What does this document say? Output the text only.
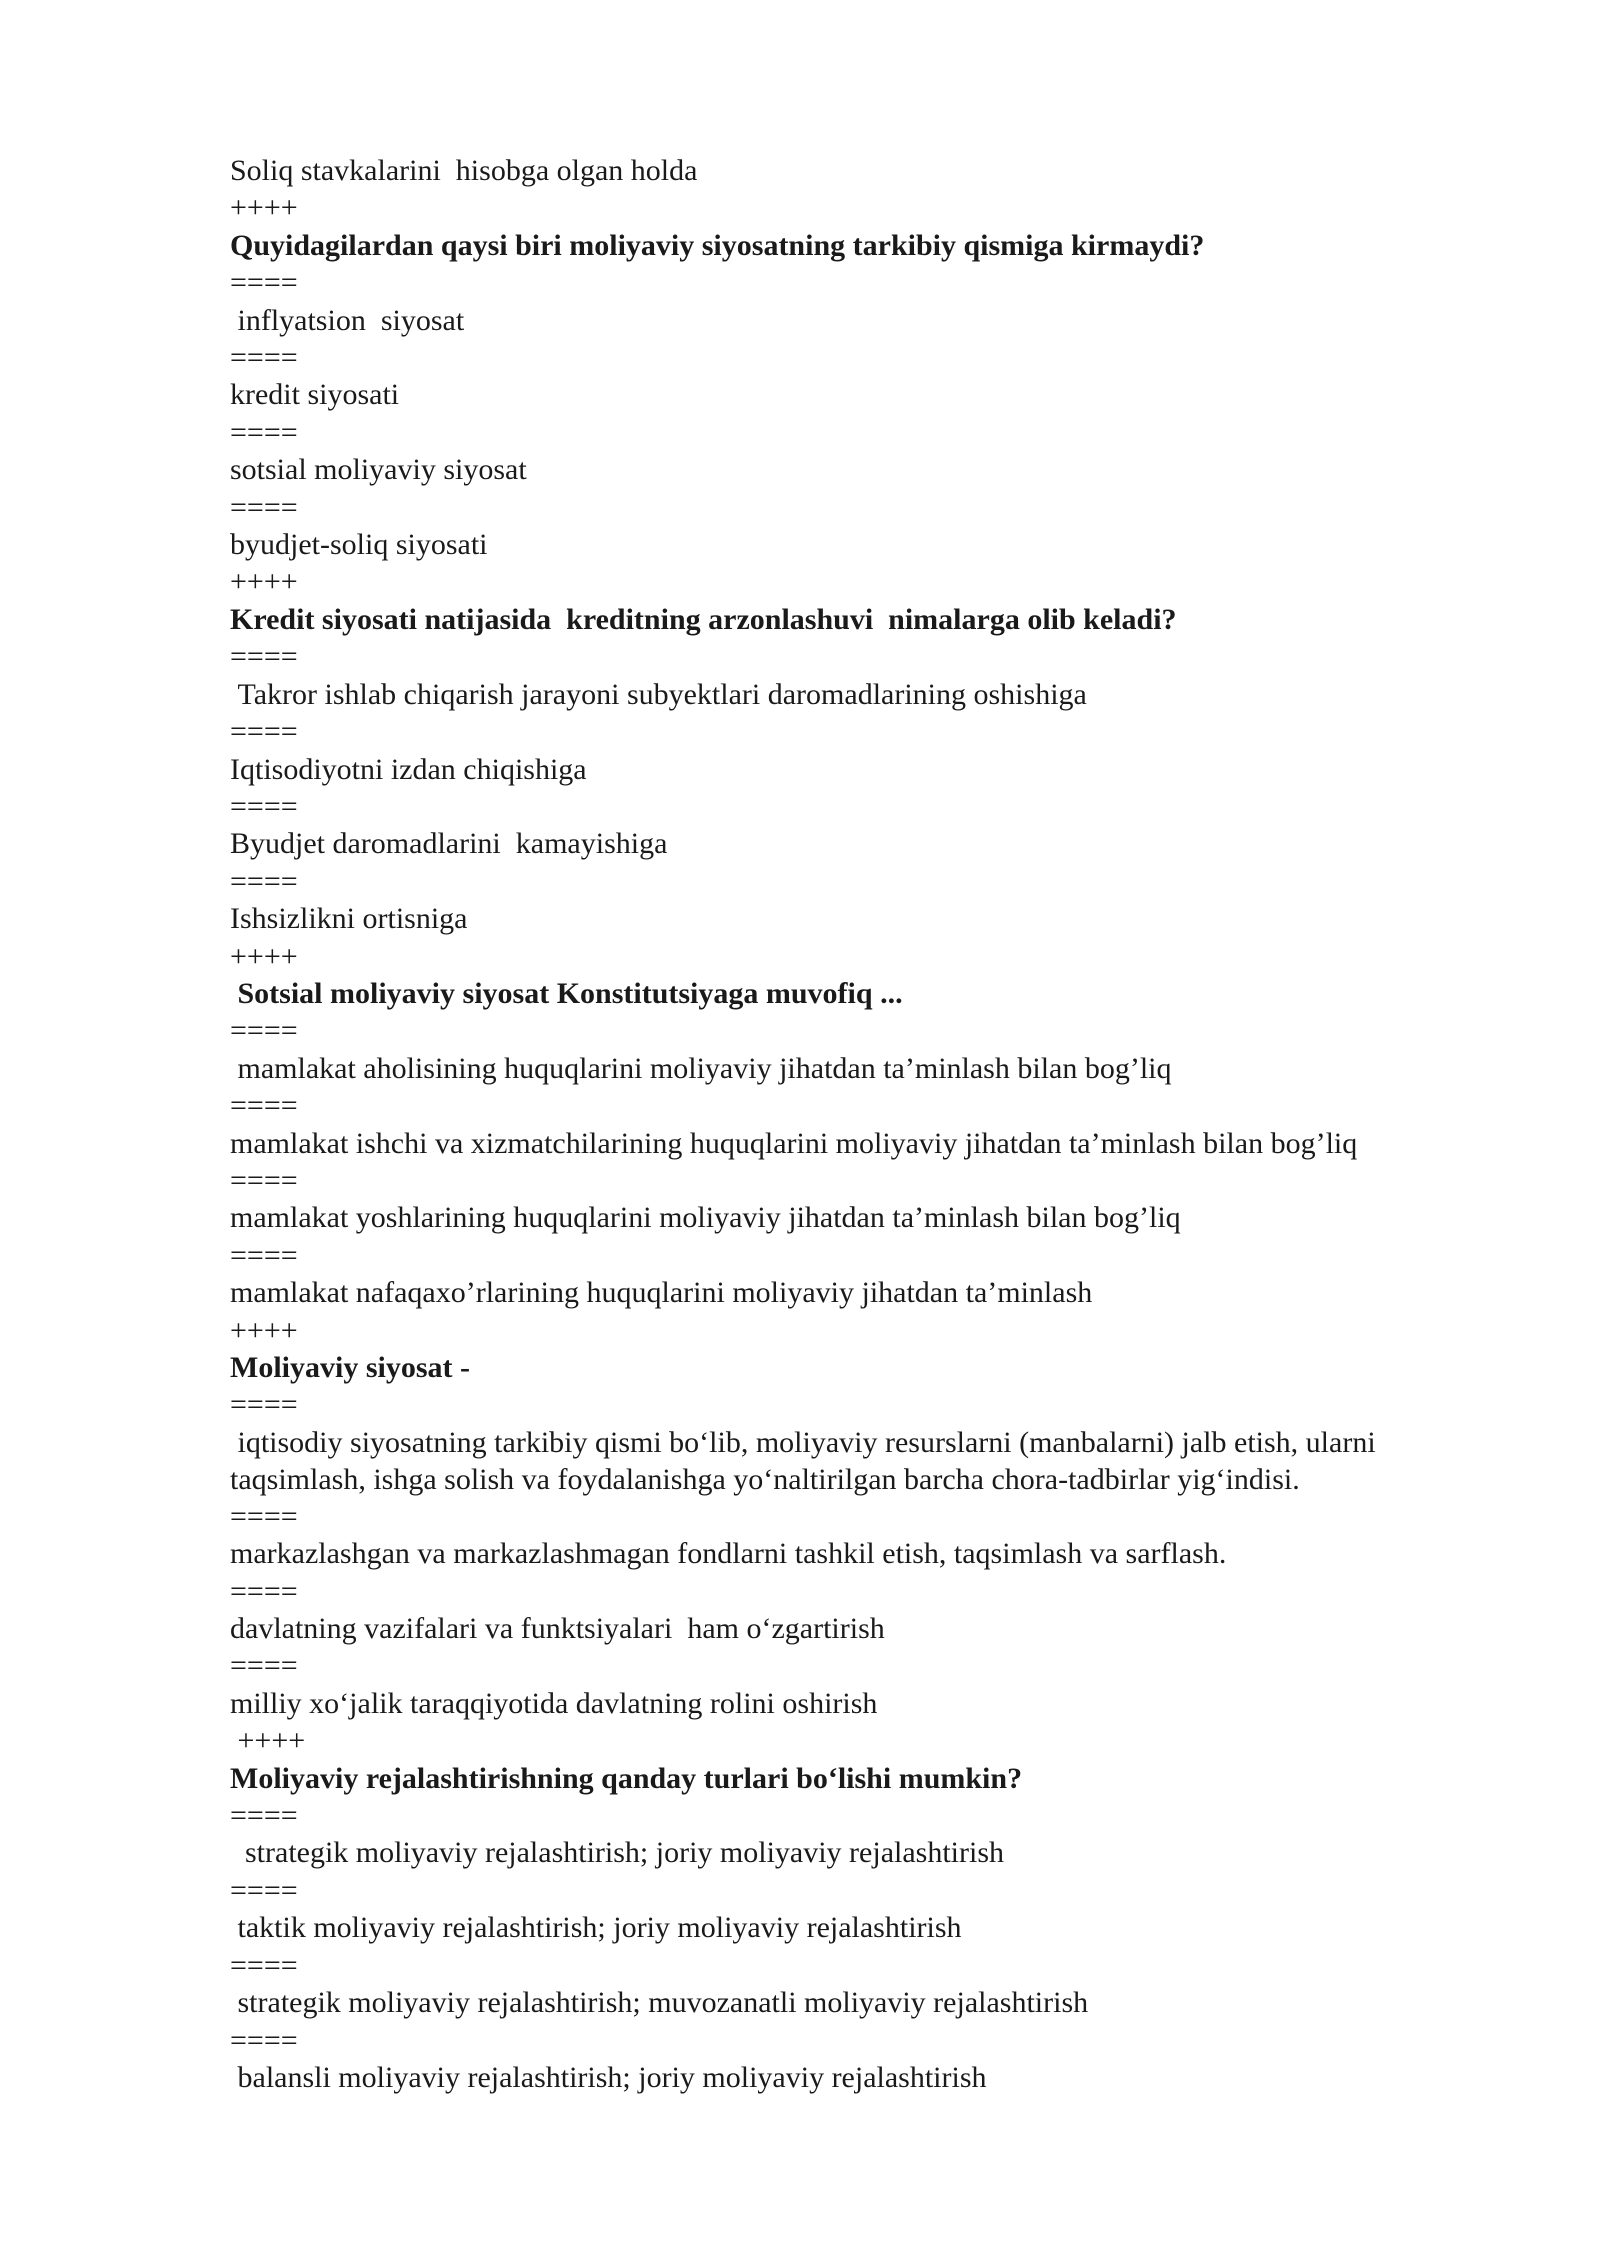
Soliq stavkalarini  hisobga olgan holda
++++
Quyidagilardan qaysi biri moliyaviy siyosatning tarkibiy qismiga kirmaydi?
====
inflyatsion  siyosat
====
kredit siyosati
====
sotsial moliyaviy siyosat
====
byudjet-soliq siyosati
++++
Kredit siyosati natijasida  kreditning arzonlashuvi  nimalarga olib keladi?
====
Takror ishlab chiqarish jarayoni subyektlari daromadlarining oshishiga
====
Iqtisodiyotni izdan chiqishiga
====
Byudjet daromadlarini  kamayishiga
====
Ishsizlikni ortisniga
++++
Sotsial moliyaviy siyosat Konstitutsiyaga muvofiq ...
====
mamlakat aholisining huquqlarini moliyaviy jihatdan ta’minlash bilan bog’liq
====
mamlakat ishchi va xizmatchilarining huquqlarini moliyaviy jihatdan ta’minlash bilan bog’liq
====
mamlakat yoshlarining huquqlarini moliyaviy jihatdan ta’minlash bilan bog’liq
====
mamlakat nafaqaxo’rlarining huquqlarini moliyaviy jihatdan ta’minlash
++++
Moliyaviy siyosat -
====
iqtisodiy siyosatning tarkibiy qismi bo‘lib, moliyaviy resurslarni (manbalarni) jalb etish, ularni taqsimlash, ishga solish va foydalanishga yo‘naltirilgan barcha chora-tadbirlar yig‘indisi.
====
markazlashgan va markazlashmagan fondlarni tashkil etish, taqsimlash va sarflash.
====
davlatning vazifalari va funktsiyalari  ham o‘zgartirish
====
milliy xo‘jalik taraqqiyotida davlatning rolini oshirish
++++
Moliyaviy rejalashtirishning qanday turlari bo‘lishi mumkin?
====
strategik moliyaviy rejalashtirish; joriy moliyaviy rejalashtirish
====
taktik moliyaviy rejalashtirish; joriy moliyaviy rejalashtirish
====
strategik moliyaviy rejalashtirish; muvozanatli moliyaviy rejalashtirish
====
balansli moliyaviy rejalashtirish; joriy moliyaviy rejalashtirish
